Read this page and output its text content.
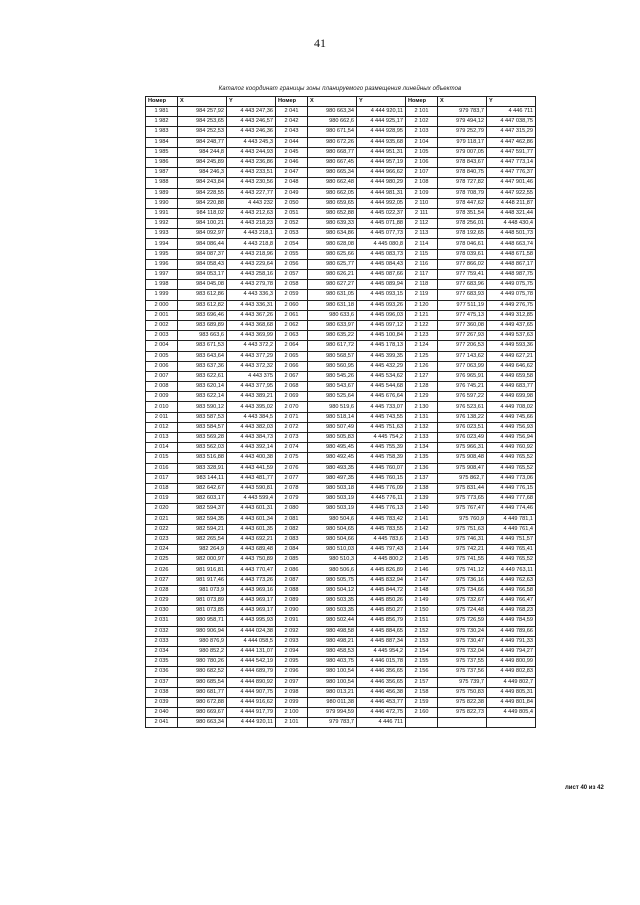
41
Каталог координат границы зоны планируемого размещения линейных объектов
Номер	X	Y	Номер	X	Y	Номер	X	Y
1 981	984 257,92	4 443 247,36	2 041	980 663,34	4 444 920,11	2 101	979 783,7	4 446 711
1 982	984 253,65	4 443 246,57	2 042	980 662,6	4 444 925,17	2 102	979 494,12	4 447 038,75
1 983	984 252,53	4 443 246,36	2 043	980 671,54	4 444 928,95	2 103	979 252,79	4 447 315,29
1 984	984 248,77	4 443 245,3	2 044	980 672,26	4 444 935,68	2 104	979 118,17	4 447 462,86
1 985	984 244,8	4 443 244,93	2 045	980 668,77	4 444 951,31	2 105	979 007,05	4 447 591,77
1 986	984 245,89	4 443 236,86	2 046	980 667,45	4 444 957,19	2 106	978 843,67	4 447 773,14
1 987	984 246,3	4 443 233,51	2 047	980 665,34	4 444 966,62	2 107	978 840,75	4 447 776,37
1 988	984 243,84	4 443 230,56	2 048	980 662,48	4 444 980,29	2 108	978 727,82	4 447 901,46
1 989	984 228,55	4 443 227,77	2 049	980 662,05	4 444 981,31	2 109	978 708,79	4 447 922,55
1 990	984 220,88	4 443 232	2 050	980 659,65	4 444 992,05	2 110	978 447,62	4 448 211,87
1 991	984 118,02	4 443 212,63	2 051	980 652,88	4 445 022,37	2 111	978 351,54	4 448 321,44
1 992	984 100,21	4 443 218,23	2 052	980 639,33	4 445 071,88	2 112	978 256,01	4 448 430,4
1 993	984 092,97	4 443 218,1	2 053	980 634,86	4 445 077,73	2 113	978 192,65	4 448 501,73
1 994	984 086,44	4 443 218,8	2 054	980 628,08	4 445 080,8	2 114	978 046,61	4 448 663,74
1 995	984 087,37	4 443 218,96	2 055	980 625,66	4 445 083,73	2 115	978 039,61	4 448 671,58
1 996	984 058,43	4 443 229,64	2 056	980 625,77	4 445 084,43	2 116	977 866,02	4 448 867,17
1 997	984 053,17	4 443 258,16	2 057	980 626,21	4 445 087,66	2 117	977 759,41	4 448 987,75
1 998	984 045,08	4 443 279,78	2 058	980 627,27	4 445 089,94	2 118	977 683,96	4 449 075,75
1 999	983 612,86	4 443 336,3	2 059	980 631,05	4 445 093,15	2 119	977 683,93	4 449 075,78
2 000	983 612,82	4 443 336,31	2 060	980 631,18	4 445 093,26	2 120	977 511,19	4 449 276,75
2 001	983 696,46	4 443 367,26	2 061	980 633,6	4 445 096,03	2 121	977 475,13	4 449 312,85
2 002	983 689,89	4 443 368,68	2 062	980 633,97	4 445 097,12	2 122	977 360,08	4 449 437,65
2 003	983 663,6	4 443 369,99	2 063	980 635,22	4 445 100,84	2 123	977 267,93	4 449 537,63
2 004	983 671,53	4 443 372,2	2 064	980 617,72	4 445 178,13	2 124	977 206,53	4 449 593,36
2 005	983 643,64	4 443 377,29	2 065	980 568,57	4 445 399,35	2 125	977 143,62	4 449 627,21
2 006	983 637,36	4 443 372,32	2 066	980 560,95	4 445 432,29	2 126	977 063,99	4 449 646,62
2 007	983 622,61	4 443 375	2 067	980 545,26	4 445 534,62	2 127	976 965,91	4 449 659,58
2 008	983 620,14	4 443 377,95	2 068	980 543,67	4 445 544,68	2 128	976 745,21	4 449 683,77
2 009	983 622,14	4 443 389,21	2 069	980 525,64	4 445 676,64	2 129	976 597,22	4 449 699,98
2 010	983 590,12	4 443 395,02	2 070	980 519,6	4 445 733,07	2 130	976 523,61	4 449 708,02
2 011	983 587,53	4 443 384,5	2 071	980 518,14	4 445 743,55	2 131	976 138,22	4 449 745,66
2 012	983 584,57	4 443 382,03	2 072	980 507,49	4 445 751,63	2 132	976 023,51	4 449 756,93
2 013	983 569,28	4 443 384,73	2 073	980 505,83	4 445 754,2	2 133	976 023,49	4 449 756,94
2 014	983 562,03	4 443 392,14	2 074	980 495,45	4 445 755,39	2 134	975 966,31	4 449 760,92
2 015	983 516,88	4 443 400,38	2 075	980 492,45	4 445 758,39	2 135	975 908,48	4 449 765,52
2 016	983 328,91	4 443 441,59	2 076	980 493,35	4 445 760,07	2 136	975 908,47	4 449 765,52
2 017	983 144,11	4 443 481,77	2 077	980 497,35	4 445 760,15	2 137	975 862,7	4 449 773,06
2 018	982 642,67	4 443 590,81	2 078	980 503,18	4 445 776,09	2 138	975 831,44	4 449 776,15
2 019	982 603,17	4 443 599,4	2 079	980 503,19	4 445 776,11	2 139	975 773,65	4 449 777,68
2 020	982 594,37	4 443 601,31	2 080	980 503,19	4 445 776,13	2 140	975 767,47	4 449 774,46
2 021	982 594,35	4 443 601,34	2 081	980 504,6	4 445 783,42	2 141	975 760,9	4 449 781,1
2 022	982 594,21	4 443 601,35	2 082	980 504,65	4 445 783,55	2 142	975 751,63	4 449 761,4
2 023	982 265,54	4 443 692,21	2 083	980 504,66	4 445 783,6	2 143	975 746,31	4 449 751,57
2 024	982 264,9	4 443 689,48	2 084	980 510,03	4 445 797,43	2 144	975 742,21	4 449 765,41
2 025	982 000,97	4 443 750,89	2 085	980 510,3	4 445 800,2	2 145	975 741,55	4 449 765,52
2 026	981 916,81	4 443 770,47	2 086	980 506,6	4 445 826,89	2 146	975 741,12	4 449 763,11
2 027	981 917,46	4 443 773,26	2 087	980 505,75	4 445 832,94	2 147	975 736,16	4 449 762,63
2 028	981 073,9	4 443 969,16	2 088	980 504,12	4 445 844,72	2 148	975 734,66	4 449 766,58
2 029	981 073,89	4 443 969,17	2 089	980 503,35	4 445 850,26	2 149	975 732,67	4 449 766,47
2 030	981 073,85	4 443 969,17	2 090	980 503,35	4 445 850,27	2 150	975 724,48	4 449 768,23
2 031	980 958,71	4 443 995,93	2 091	980 502,44	4 445 856,79	2 151	975 726,59	4 449 784,59
2 032	980 906,94	4 444 024,38	2 092	980 498,58	4 445 884,65	2 152	975 730,24	4 449 789,66
2 033	980 876,9	4 444 058,5	2 093	980 498,21	4 445 887,34	2 153	975 730,47	4 449 791,33
2 034	980 852,2	4 444 131,07	2 094	980 458,53	4 445 954,2	2 154	975 732,04	4 449 794,27
2 035	980 780,26	4 444 542,19	2 095	980 403,75	4 446 015,78	2 155	975 737,55	4 449 800,99
2 036	980 682,52	4 444 689,79	2 096	980 100,54	4 446 356,65	2 156	975 737,56	4 449 802,83
2 037	980 685,54	4 444 890,92	2 097	980 100,54	4 446 356,65	2 157	975 739,7	4 449 802,7
2 038	980 681,77	4 444 907,75	2 098	980 013,21	4 446 456,38	2 158	975 750,83	4 449 805,31
2 039	980 672,88	4 444 916,62	2 099	980 011,38	4 446 453,77	2 159	975 822,38	4 449 801,84
2 040	980 669,67	4 444 917,79	2 100	979 994,59	4 446 472,75	2 160	975 822,73	4 449 805,4
2 041	980 663,34	4 444 920,11	2 101	979 783,7	4 446 711			
лист 40 из 42
